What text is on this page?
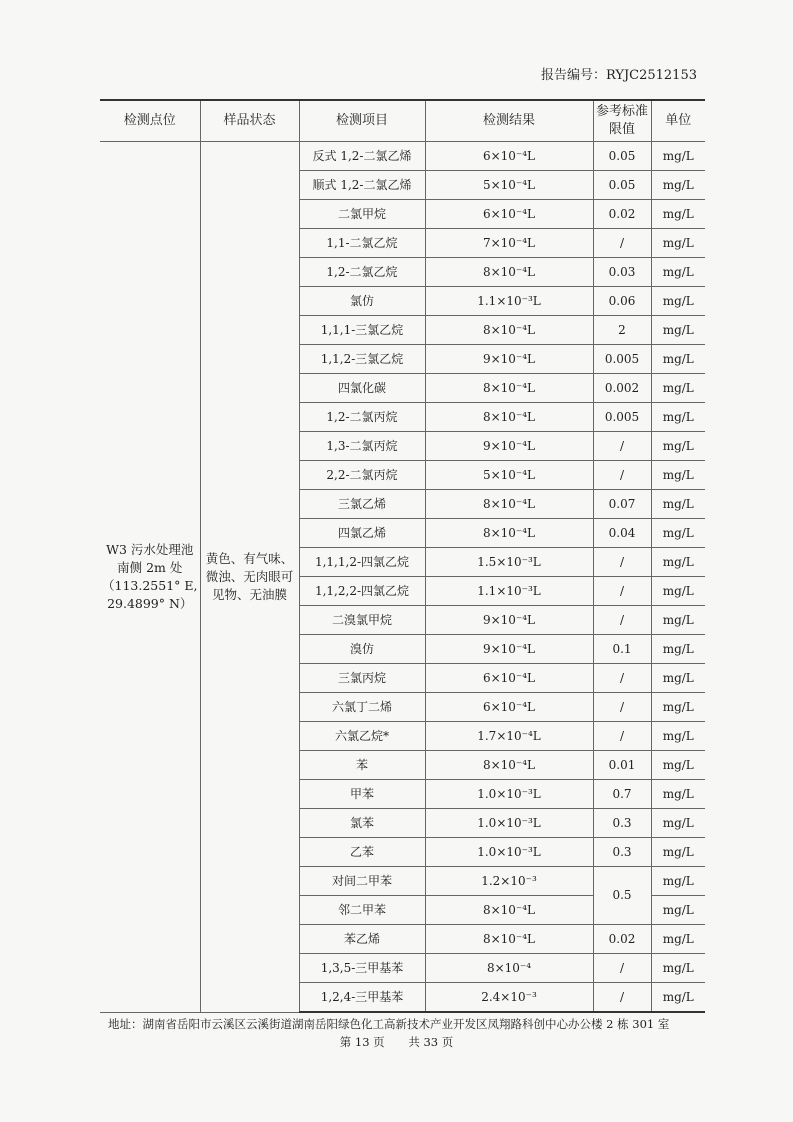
报告编号：RYJC2512153
检测点位	样品状态	检测项目	检测结果	参考标准限值	单位
W3 污水处理池南侧 2m 处（113.2551° E, 29.4899° N）	黄色、有气味、微浊、无肉眼可见物、无油膜	反式 1,2-二氯乙烯	6×10⁻⁴L	0.05	mg/L
		顺式 1,2-二氯乙烯	5×10⁻⁴L	0.05	mg/L
		二氯甲烷	6×10⁻⁴L	0.02	mg/L
		1,1-二氯乙烷	7×10⁻⁴L	/	mg/L
		1,2-二氯乙烷	8×10⁻⁴L	0.03	mg/L
		氯仿	1.1×10⁻³L	0.06	mg/L
		1,1,1-三氯乙烷	8×10⁻⁴L	2	mg/L
		1,1,2-三氯乙烷	9×10⁻⁴L	0.005	mg/L
		四氯化碳	8×10⁻⁴L	0.002	mg/L
		1,2-二氯丙烷	8×10⁻⁴L	0.005	mg/L
		1,3-二氯丙烷	9×10⁻⁴L	/	mg/L
		2,2-二氯丙烷	5×10⁻⁴L	/	mg/L
		三氯乙烯	8×10⁻⁴L	0.07	mg/L
		四氯乙烯	8×10⁻⁴L	0.04	mg/L
		1,1,1,2-四氯乙烷	1.5×10⁻³L	/	mg/L
		1,1,2,2-四氯乙烷	1.1×10⁻³L	/	mg/L
		二溴氯甲烷	9×10⁻⁴L	/	mg/L
		溴仿	9×10⁻⁴L	0.1	mg/L
		三氯丙烷	6×10⁻⁴L	/	mg/L
		六氯丁二烯	6×10⁻⁴L	/	mg/L
		六氯乙烷*	1.7×10⁻⁴L	/	mg/L
		苯	8×10⁻⁴L	0.01	mg/L
		甲苯	1.0×10⁻³L	0.7	mg/L
		氯苯	1.0×10⁻³L	0.3	mg/L
		乙苯	1.0×10⁻³L	0.3	mg/L
		对间二甲苯	1.2×10⁻³	0.5	mg/L
		邻二甲苯	8×10⁻⁴L		mg/L
		苯乙烯	8×10⁻⁴L	0.02	mg/L
		1,3,5-三甲基苯	8×10⁻⁴	/	mg/L
		1,2,4-三甲基苯	2.4×10⁻³	/	mg/L
地址：湖南省岳阳市云溪区云溪街道湖南岳阳绿色化工高新技术产业开发区凤翔路科创中心办公楼 2 栋 301 室
第 13 页 共 33 页
